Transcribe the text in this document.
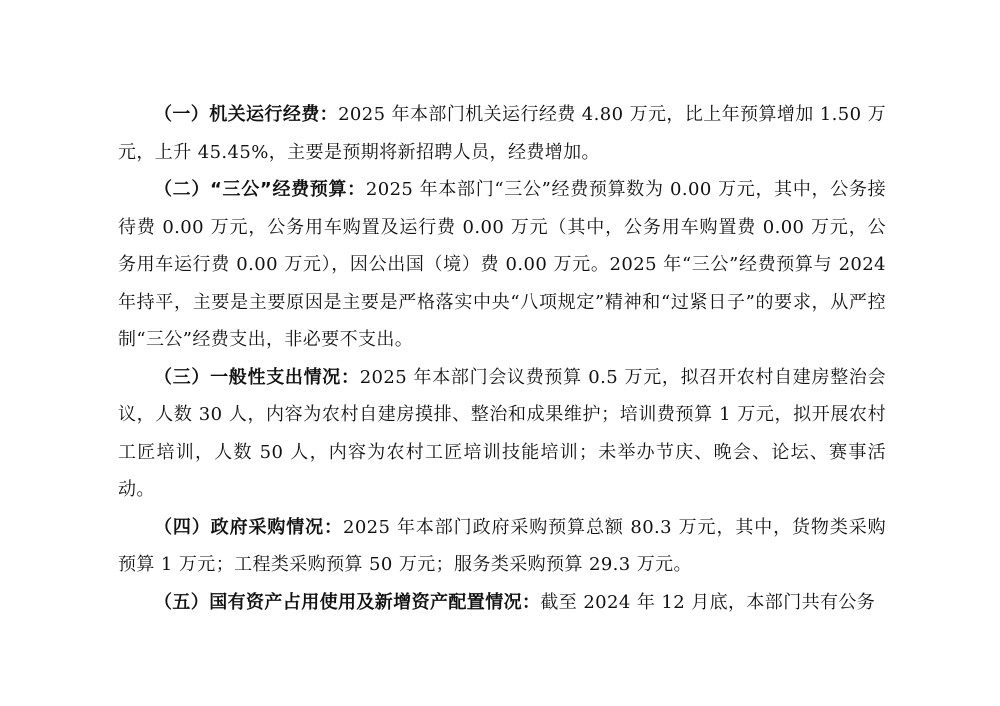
（一）机关运行经费：2025 年本部门机关运行经费 4.80 万元，比上年预算增加 1.50 万元，上升 45.45%，主要是预期将新招聘人员，经费增加。

（二）“三公”经费预算：2025 年本部门“三公”经费预算数为 0.00 万元，其中，公务接待费 0.00 万元，公务用车购置及运行费 0.00 万元（其中，公务用车购置费 0.00 万元，公务用车运行费 0.00 万元），因公出国（境）费 0.00 万元。2025 年“三公”经费预算与 2024 年持平，主要是主要原因是主要是严格落实中央“八项规定”精神和“过紧日子”的要求，从严控制“三公”经费支出，非必要不支出。

（三）一般性支出情况：2025 年本部门会议费预算 0.5 万元，拟召开农村自建房整治会议，人数 30 人，内容为农村自建房摸排、整治和成果维护；培训费预算 1 万元，拟开展农村工匠培训，人数 50 人，内容为农村工匠培训技能培训；未举办节庆、晚会、论坛、赛事活动。

（四）政府采购情况：2025 年本部门政府采购预算总额 80.3 万元，其中，货物类采购预算 1 万元；工程类采购预算 50 万元；服务类采购预算 29.3 万元。

（五）国有资产占用使用及新增资产配置情况：截至 2024 年 12 月底，本部门共有公务
